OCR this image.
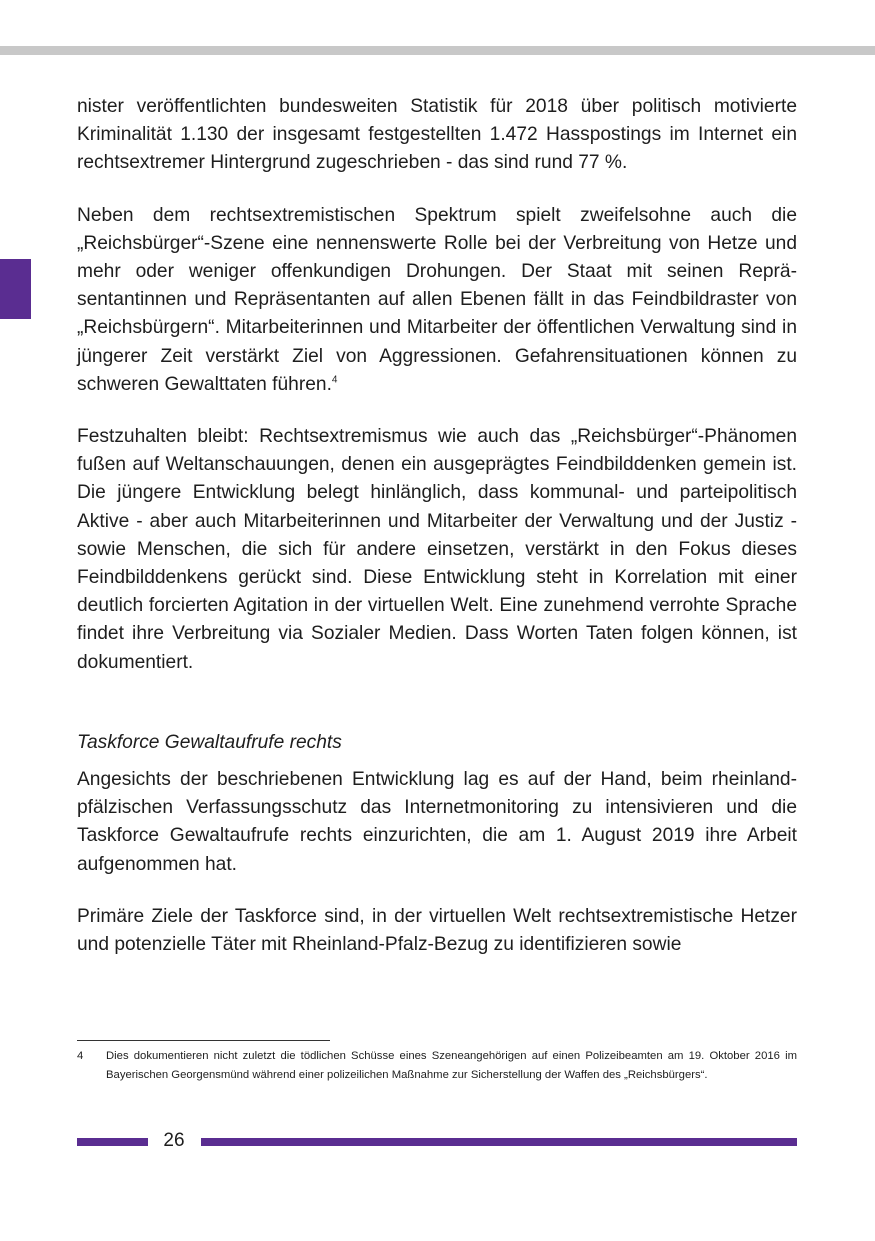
nister veröffentlichten bundesweiten Statistik für 2018 über politisch motivierte Kriminalität 1.130 der insgesamt festgestellten 1.472 Hasspostings im Internet ein rechtsextremer Hintergrund zugeschrieben - das sind rund 77 %.

Neben dem rechtsextremistischen Spektrum spielt zweifelsohne auch die „Reichsbürger“-Szene eine nennenswerte Rolle bei der Verbreitung von Hetze und mehr oder weniger offenkundigen Drohungen. Der Staat mit seinen Repräsentantinnen und Repräsentanten auf allen Ebenen fällt in das Feindbildraster von „Reichsbürgern“. Mitarbeiterinnen und Mitarbeiter der öffentlichen Verwaltung sind in jüngerer Zeit verstärkt Ziel von Aggressionen. Gefahrensituationen können zu schweren Gewalttaten führen.$^4$

Festzuhalten bleibt: Rechtsextremismus wie auch das „Reichsbürger“-Phänomen fußen auf Weltanschauungen, denen ein ausgeprägtes Feindbilddenken gemein ist. Die jüngere Entwicklung belegt hinlänglich, dass kommunal- und parteipolitisch Aktive - aber auch Mitarbeiterinnen und Mitarbeiter der Verwaltung und der Justiz - sowie Menschen, die sich für andere einsetzen, verstärkt in den Fokus dieses Feindbilddenkens gerückt sind. Diese Entwicklung steht in Korrelation mit einer deutlich forcierten Agitation in der virtuellen Welt. Eine zunehmend verrohte Sprache findet ihre Verbreitung via Sozialer Medien. Dass Worten Taten folgen können, ist dokumentiert.

Taskforce Gewaltaufrufe rechts

Angesichts der beschriebenen Entwicklung lag es auf der Hand, beim rheinland-pfälzischen Verfassungsschutz das Internetmonitoring zu intensivieren und die Taskforce Gewaltaufrufe rechts einzurichten, die am 1. August 2019 ihre Arbeit aufgenommen hat.

Primäre Ziele der Taskforce sind, in der virtuellen Welt rechtsextremistische Hetzer und potenzielle Täter mit Rheinland-Pfalz-Bezug zu identifizieren sowie

4	Dies dokumentieren nicht zuletzt die tödlichen Schüsse eines Szeneangehörigen auf einen Polizeibeamten am 19. Oktober 2016 im Bayerischen Georgensmünd während einer polizeilichen Maßnahme zur Sicherstellung der Waffen des „Reichsbürgers“.
26
